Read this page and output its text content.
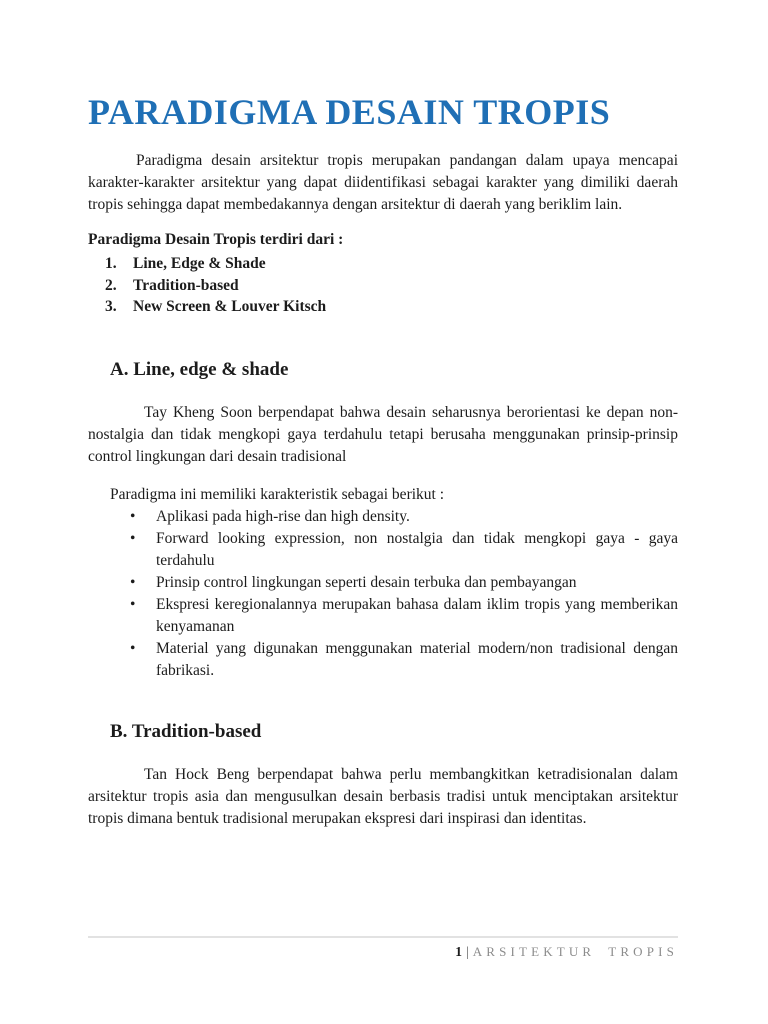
PARADIGMA DESAIN TROPIS

Paradigma desain arsitektur tropis merupakan pandangan dalam upaya mencapai karakter-karakter arsitektur yang dapat diidentifikasi sebagai karakter yang dimiliki daerah tropis sehingga dapat membedakannya dengan arsitektur di daerah yang beriklim lain.

Paradigma Desain Tropis terdiri dari :

1.	Line, Edge & Shade
2.	Tradition-based
3.	New Screen & Louver Kitsch
A. Line, edge & shade

Tay Kheng Soon berpendapat bahwa desain seharusnya berorientasi ke depan non-nostalgia dan tidak mengkopi gaya terdahulu tetapi berusaha menggunakan prinsip-prinsip control lingkungan dari desain tradisional

Paradigma ini memiliki karakteristik sebagai berikut :

• Aplikasi pada high-rise dan high density.
• Forward looking expression, non nostalgia dan tidak mengkopi gaya - gaya terdahulu
• Prinsip control lingkungan seperti desain terbuka dan pembayangan
• Ekspresi keregionalannya merupakan bahasa dalam iklim tropis yang memberikan kenyamanan
• Material yang digunakan menggunakan material modern/non tradisional dengan fabrikasi.
B. Tradition-based

Tan Hock Beng berpendapat bahwa perlu membangkitkan ketradisionalan dalam arsitektur tropis asia dan mengusulkan desain berbasis tradisi untuk menciptakan arsitektur tropis dimana bentuk tradisional merupakan ekspresi dari inspirasi dan identitas.

1 | ARSITEKTUR TROPIS
